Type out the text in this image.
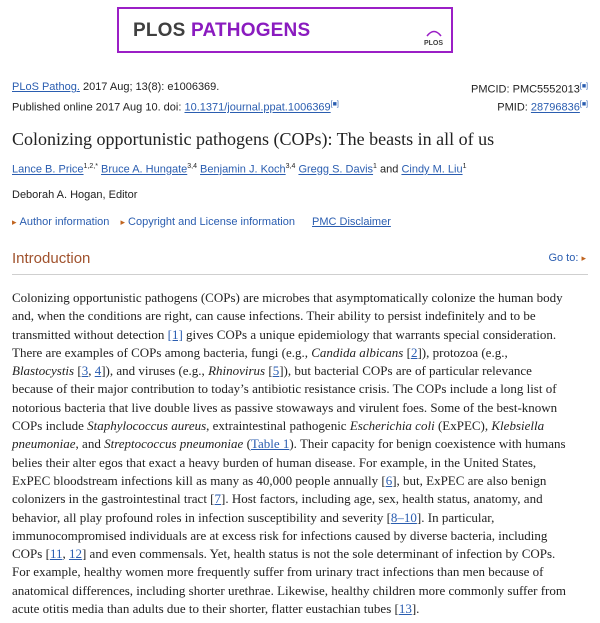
PLOS PATHOGENS
PLOS
PLoS Pathog. 2017 Aug; 13(8): e1006369.
Published online 2017 Aug 10. doi: 10.1371/journal.ppat.1006369[■]
PMCID: PMC5552013[■]
PMID: 28796836[■]
Colonizing opportunistic pathogens (COPs): The beasts in all of us
Lance B. Price$^{1,2,*}$ Bruce A. Hungate$^{3,4}$ Benjamin J. Koch$^{3,4}$ Gregg S. Davis$^1$ and Cindy M. Liu$^1$
Deborah A. Hogan, Editor
▸ Author information ▸ Copyright and License information PMC Disclaimer
Introduction	Go to: ▸
Colonizing opportunistic pathogens (COPs) are microbes that asymptomatically colonize the human body
and, when the conditions are right, can cause infections. Their ability to persist indefinitely and to be
transmitted without detection [1] gives COPs a unique epidemiology that warrants special consideration.
There are examples of COPs among bacteria, fungi (e.g., Candida albicans [2]), protozoa (e.g.,
Blastocystis [3, 4]), and viruses (e.g., Rhinovirus [5]), but bacterial COPs are of particular relevance
because of their major contribution to today’s antibiotic resistance crisis. The COPs include a long list of
notorious bacteria that live double lives as passive stowaways and virulent foes. Some of the best-known
COPs include Staphylococcus aureus, extraintestinal pathogenic Escherichia coli (ExPEC), Klebsiella
pneumoniae, and Streptococcus pneumoniae (Table 1). Their capacity for benign coexistence with humans
belies their alter egos that exact a heavy burden of human disease. For example, in the United States,
ExPEC bloodstream infections kill as many as 40,000 people annually [6], but, ExPEC are also benign
colonizers in the gastrointestinal tract [7]. Host factors, including age, sex, health status, anatomy, and
behavior, all play profound roles in infection susceptibility and severity [8–10]. In particular,
immunocompromised individuals are at excess risk for infections caused by diverse bacteria, including
COPs [11, 12] and even commensals. Yet, health status is not the sole determinant of infection by COPs.
For example, healthy women more frequently suffer from urinary tract infections than men because of
anatomical differences, including shorter urethrae. Likewise, healthy children more commonly suffer from
acute otitis media than adults due to their shorter, flatter eustachian tubes [13].
